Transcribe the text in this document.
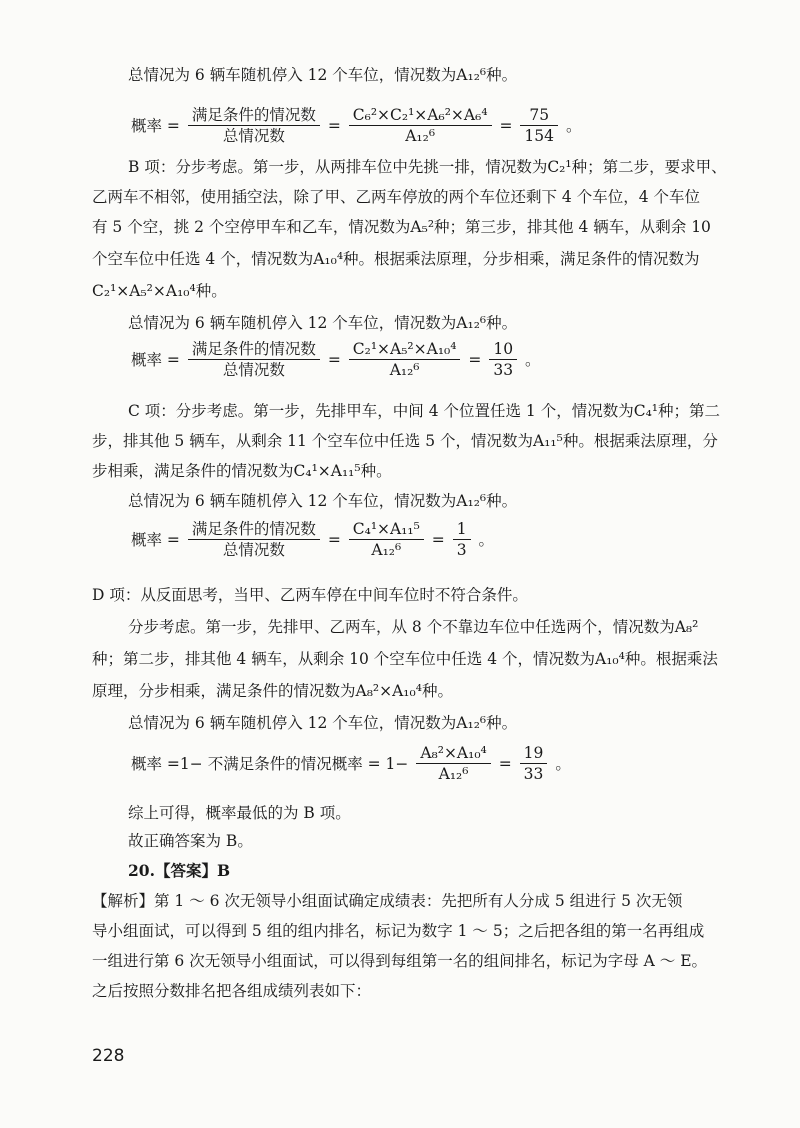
总情况为 6 辆车随机停入 12 个车位，情况数为A₁₂⁶种。
概率 = $\frac{\text{满足条件的情况数}}{\text{总情况数}} = \frac{\text{C₆²×C₂¹×A₆²×A₆⁴}}{\text{A₁₂⁶}} = \frac{75}{154}$ 。
B 项：分步考虑。第一步，从两排车位中先挑一排，情况数为C₂¹种；第二步，要求甲、
乙两车不相邻，使用插空法，除了甲、乙两车停放的两个车位还剩下 4 个车位，4 个车位
有 5 个空，挑 2 个空停甲车和乙车，情况数为A₅²种；第三步，排其他 4 辆车，从剩余 10
个空车位中任选 4 个，情况数为A₁₀⁴种。根据乘法原理，分步相乘，满足条件的情况数为
C₂¹×A₅²×A₁₀⁴种。
总情况为 6 辆车随机停入 12 个车位，情况数为A₁₂⁶种。
概率 = $\frac{\text{满足条件的情况数}}{\text{总情况数}} = \frac{\text{C₂¹×A₅²×A₁₀⁴}}{\text{A₁₂⁶}} = \frac{10}{33}$ 。
C 项：分步考虑。第一步，先排甲车，中间 4 个位置任选 1 个，情况数为C₄¹种；第二
步，排其他 5 辆车，从剩余 11 个空车位中任选 5 个，情况数为A₁₁⁵种。根据乘法原理，分
步相乘，满足条件的情况数为C₄¹×A₁₁⁵种。
总情况为 6 辆车随机停入 12 个车位，情况数为A₁₂⁶种。
概率 = $\frac{\text{满足条件的情况数}}{\text{总情况数}} = \frac{\text{C₄¹×A₁₁⁵}}{\text{A₁₂⁶}} = \frac{1}{3}$ 。
D 项：从反面思考，当甲、乙两车停在中间车位时不符合条件。
分步考虑。第一步，先排甲、乙两车，从 8 个不靠边车位中任选两个，情况数为A₈²
种；第二步，排其他 4 辆车，从剩余 10 个空车位中任选 4 个，情况数为A₁₀⁴种。根据乘法
原理，分步相乘，满足条件的情况数为A₈²×A₁₀⁴种。
总情况为 6 辆车随机停入 12 个车位，情况数为A₁₂⁶种。
概率 =1− 不满足条件的情况概率 = $1- \frac{\text{A₈²×A₁₀⁴}}{\text{A₁₂⁶}} = \frac{19}{33}$ 。
综上可得，概率最低的为 B 项。
故正确答案为 B。
20.【答案】B
【解析】第 1 ～ 6 次无领导小组面试确定成绩表：先把所有人分成 5 组进行 5 次无领
导小组面试，可以得到 5 组的组内排名，标记为数字 1 ～ 5；之后把各组的第一名再组成
一组进行第 6 次无领导小组面试，可以得到每组第一名的组间排名，标记为字母 A ～ E。
之后按照分数排名把各组成绩列表如下：
228
